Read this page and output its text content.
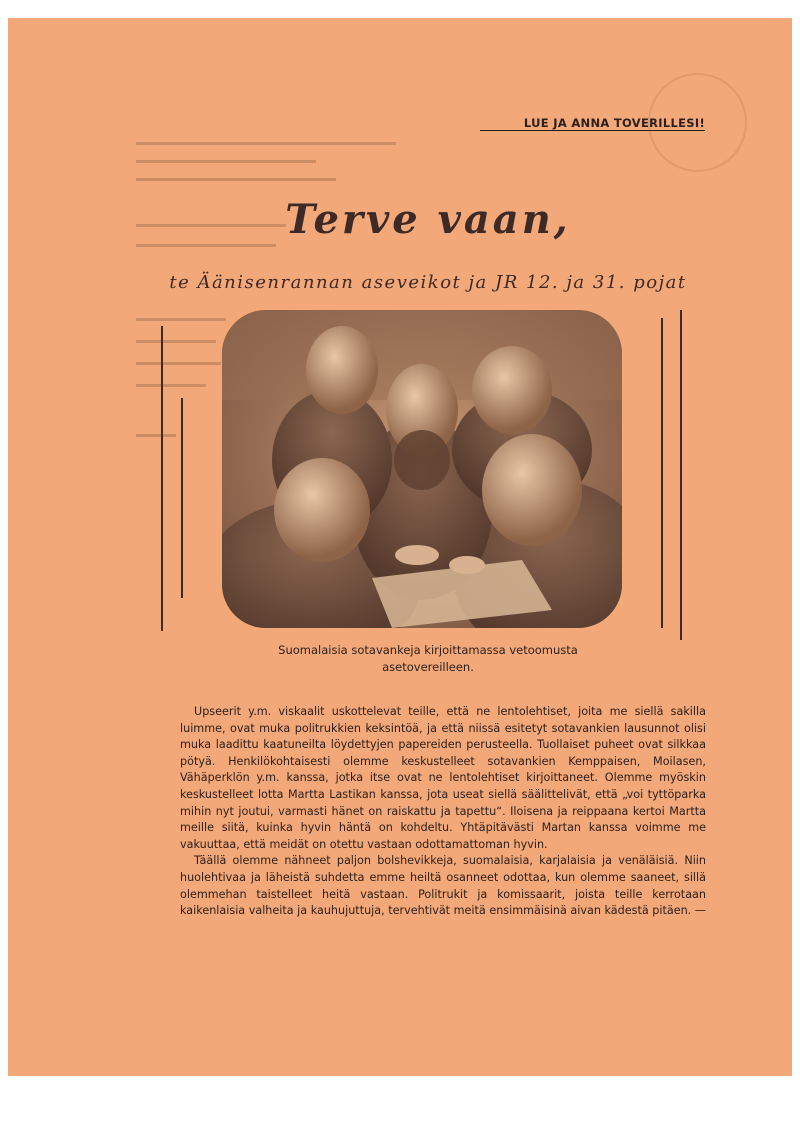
LUE JA ANNA TOVERILLESI!
Terve vaan,
te Äänisenrannan aseveikot ja JR 12. ja 31. pojat
Suomalaisia sotavankeja kirjoittamassa vetoomusta asetovereilleen.

Upseerit y.m. viskaalit uskottelevat teille, että ne lentolehtiset, joita me siellä sakilla luimme, ovat muka politrukkien keksintöä, ja että niissä esitetyt sotavankien lausunnot olisi muka laadittu kaatuneilta löydettyjen papereiden perusteella. Tuollaiset puheet ovat silkkaa pötyä. Henkilökohtaisesti olemme keskustelleet sotavankien Kemppaisen, Moilasen, Vähäperklön y.m. kanssa, jotka itse ovat ne lentolehtiset kirjoittaneet. Olemme myöskin keskustelleet lotta Martta Lastikan kanssa, jota useat siellä säälittelivät, että „voi tyttöparka mihin nyt joutui, varmasti hänet on raiskattu ja tapettu“. Iloisena ja reippaana kertoi Martta meille siitä, kuinka hyvin häntä on kohdeltu. Yhtäpitävästi Martan kanssa voimme me vakuuttaa, että meidät on otettu vastaan odottamattoman hyvin.

Täällä olemme nähneet paljon bolshevikkeja, suomalaisia, karjalaisia ja venäläisiä. Niin huolehtivaa ja läheistä suhdetta emme heiltä osanneet odottaa, kun olemme saaneet, sillä olemmehan taistelleet heitä vastaan. Politrukit ja komissaarit, joista teille kerrotaan kaikenlaisia valheita ja kauhujuttuja, tervehtivät meitä ensimmäisinä aivan kädestä pitäen. —
